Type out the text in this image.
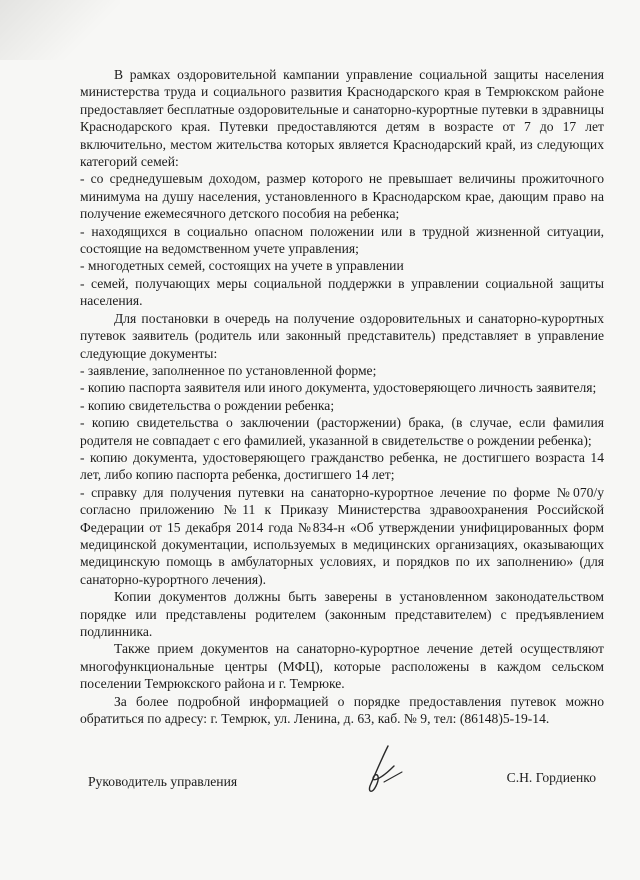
В рамках оздоровительной кампании управление социальной защиты населения министерства труда и социального развития Краснодарского края в Темрюкском районе предоставляет бесплатные оздоровительные и санаторно-курортные путевки в здравницы Краснодарского края. Путевки предоставляются детям в возрасте от 7 до 17 лет включительно, местом жительства которых является Краснодарский край, из следующих категорий семей:

- со среднедушевым доходом, размер которого не превышает величины прожиточного минимума на душу населения, установленного в Краснодарском крае, дающим право на получение ежемесячного детского пособия на ребенка;

- находящихся в социально опасном положении или в трудной жизненной ситуации, состоящие на ведомственном учете управления;

- многодетных семей, состоящих на учете в управлении

- семей, получающих меры социальной поддержки в управлении социальной защиты населения.

Для постановки в очередь на получение оздоровительных и санаторно-курортных путевок заявитель (родитель или законный представитель) представляет в управление следующие документы:

- заявление, заполненное по установленной форме;

- копию паспорта заявителя или иного документа, удостоверяющего личность заявителя;

- копию свидетельства о рождении ребенка;

- копию свидетельства о заключении (расторжении) брака, (в случае, если фамилия родителя не совпадает с его фамилией, указанной в свидетельстве о рождении ребенка);

- копию документа, удостоверяющего гражданство ребенка, не достигшего возраста 14 лет, либо копию паспорта ребенка, достигшего 14 лет;

- справку для получения путевки на санаторно-курортное лечение по форме №070/у согласно приложению №11 к Приказу Министерства здравоохранения Российской Федерации от 15 декабря 2014 года №834-н «Об утверждении унифицированных форм медицинской документации, используемых в медицинских организациях, оказывающих медицинскую помощь в амбулаторных условиях, и порядков по их заполнению» (для санаторно-курортного лечения).

Копии документов должны быть заверены в установленном законодательством порядке или представлены родителем (законным представителем) с предъявлением подлинника.

Также прием документов на санаторно-курортное лечение детей осуществляют многофункциональные центры (МФЦ), которые расположены в каждом сельском поселении Темрюкского района и г. Темрюке.

За более подробной информацией о порядке предоставления путевок можно обратиться по адресу: г. Темрюк, ул. Ленина, д. 63, каб. № 9, тел: (86148)5-19-14.

Руководитель управления	С.Н. Гордиенко
